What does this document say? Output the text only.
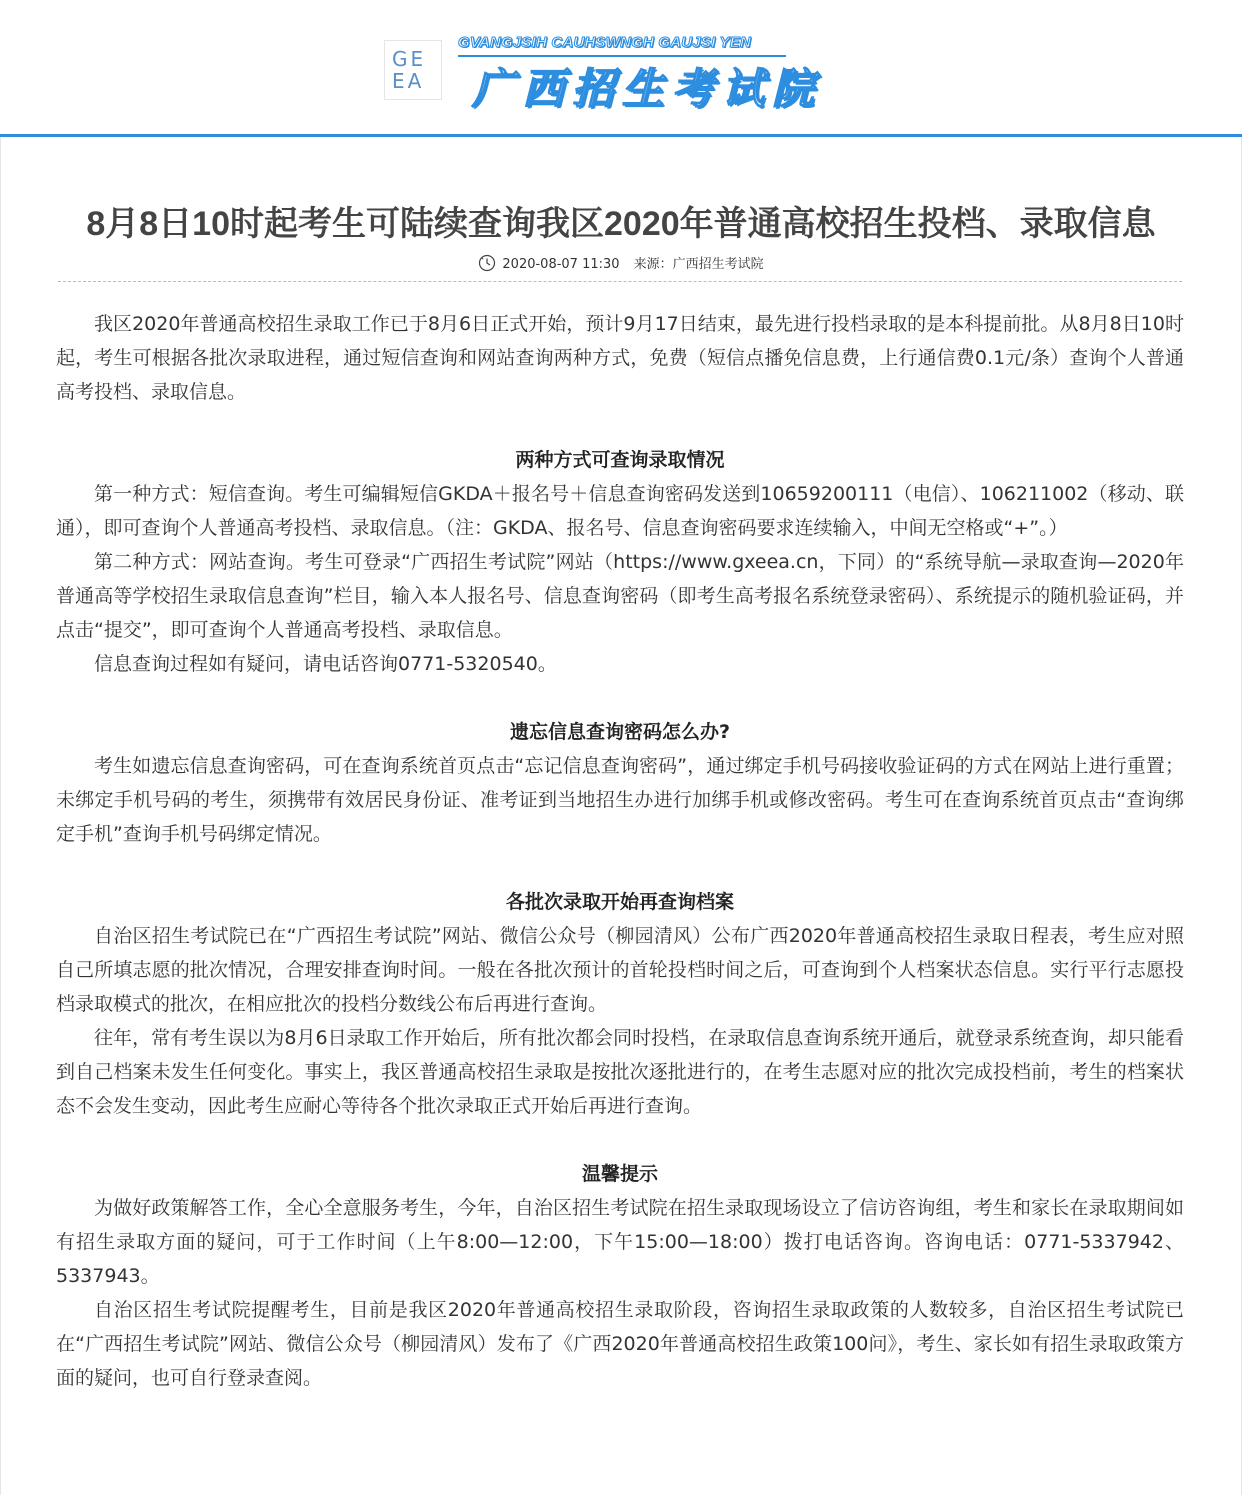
GE
EA
GVANGJSIH CAUHSWNGH GAUJSI YEN
广西招生考试院
8月8日10时起考生可陆续查询我区2020年普通高校招生投档、录取信息
2020-08-07 11:30 来源：广西招生考试院

我区2020年普通高校招生录取工作已于8月6日正式开始，预计9月17日结束，最先进行投档录取的是本科提前批。从8月8日10时起，考生可根据各批次录取进程，通过短信查询和网站查询两种方式，免费（短信点播免信息费，上行通信费0.1元/条）查询个人普通高考投档、录取信息。

两种方式可查询录取情况

第一种方式：短信查询。考生可编辑短信GKDA＋报名号＋信息查询密码发送到10659200111（电信）、106211002（移动、联通），即可查询个人普通高考投档、录取信息。（注：GKDA、报名号、信息查询密码要求连续输入，中间无空格或“+”。）

第二种方式：网站查询。考生可登录“广西招生考试院”网站（https://www.gxeea.cn，下同）的“系统导航—录取查询—2020年普通高等学校招生录取信息查询”栏目，输入本人报名号、信息查询密码（即考生高考报名系统登录密码）、系统提示的随机验证码，并点击“提交”，即可查询个人普通高考投档、录取信息。

信息查询过程如有疑问，请电话咨询0771-5320540。

遗忘信息查询密码怎么办?

考生如遗忘信息查询密码，可在查询系统首页点击“忘记信息查询密码”，通过绑定手机号码接收验证码的方式在网站上进行重置；未绑定手机号码的考生，须携带有效居民身份证、准考证到当地招生办进行加绑手机或修改密码。考生可在查询系统首页点击“查询绑定手机”查询手机号码绑定情况。

各批次录取开始再查询档案

自治区招生考试院已在“广西招生考试院”网站、微信公众号（柳园清风）公布广西2020年普通高校招生录取日程表，考生应对照自己所填志愿的批次情况，合理安排查询时间。一般在各批次预计的首轮投档时间之后，可查询到个人档案状态信息。实行平行志愿投档录取模式的批次，在相应批次的投档分数线公布后再进行查询。

往年，常有考生误以为8月6日录取工作开始后，所有批次都会同时投档，在录取信息查询系统开通后，就登录系统查询，却只能看到自己档案未发生任何变化。事实上，我区普通高校招生录取是按批次逐批进行的，在考生志愿对应的批次完成投档前，考生的档案状态不会发生变动，因此考生应耐心等待各个批次录取正式开始后再进行查询。

温馨提示

为做好政策解答工作，全心全意服务考生，今年，自治区招生考试院在招生录取现场设立了信访咨询组，考生和家长在录取期间如有招生录取方面的疑问，可于工作时间（上午8:00—12:00，下午15:00—18:00）拨打电话咨询。咨询电话：0771-5337942、5337943。

自治区招生考试院提醒考生，目前是我区2020年普通高校招生录取阶段，咨询招生录取政策的人数较多，自治区招生考试院已在“广西招生考试院”网站、微信公众号（柳园清风）发布了《广西2020年普通高校招生政策100问》，考生、家长如有招生录取政策方面的疑问，也可自行登录查阅。
